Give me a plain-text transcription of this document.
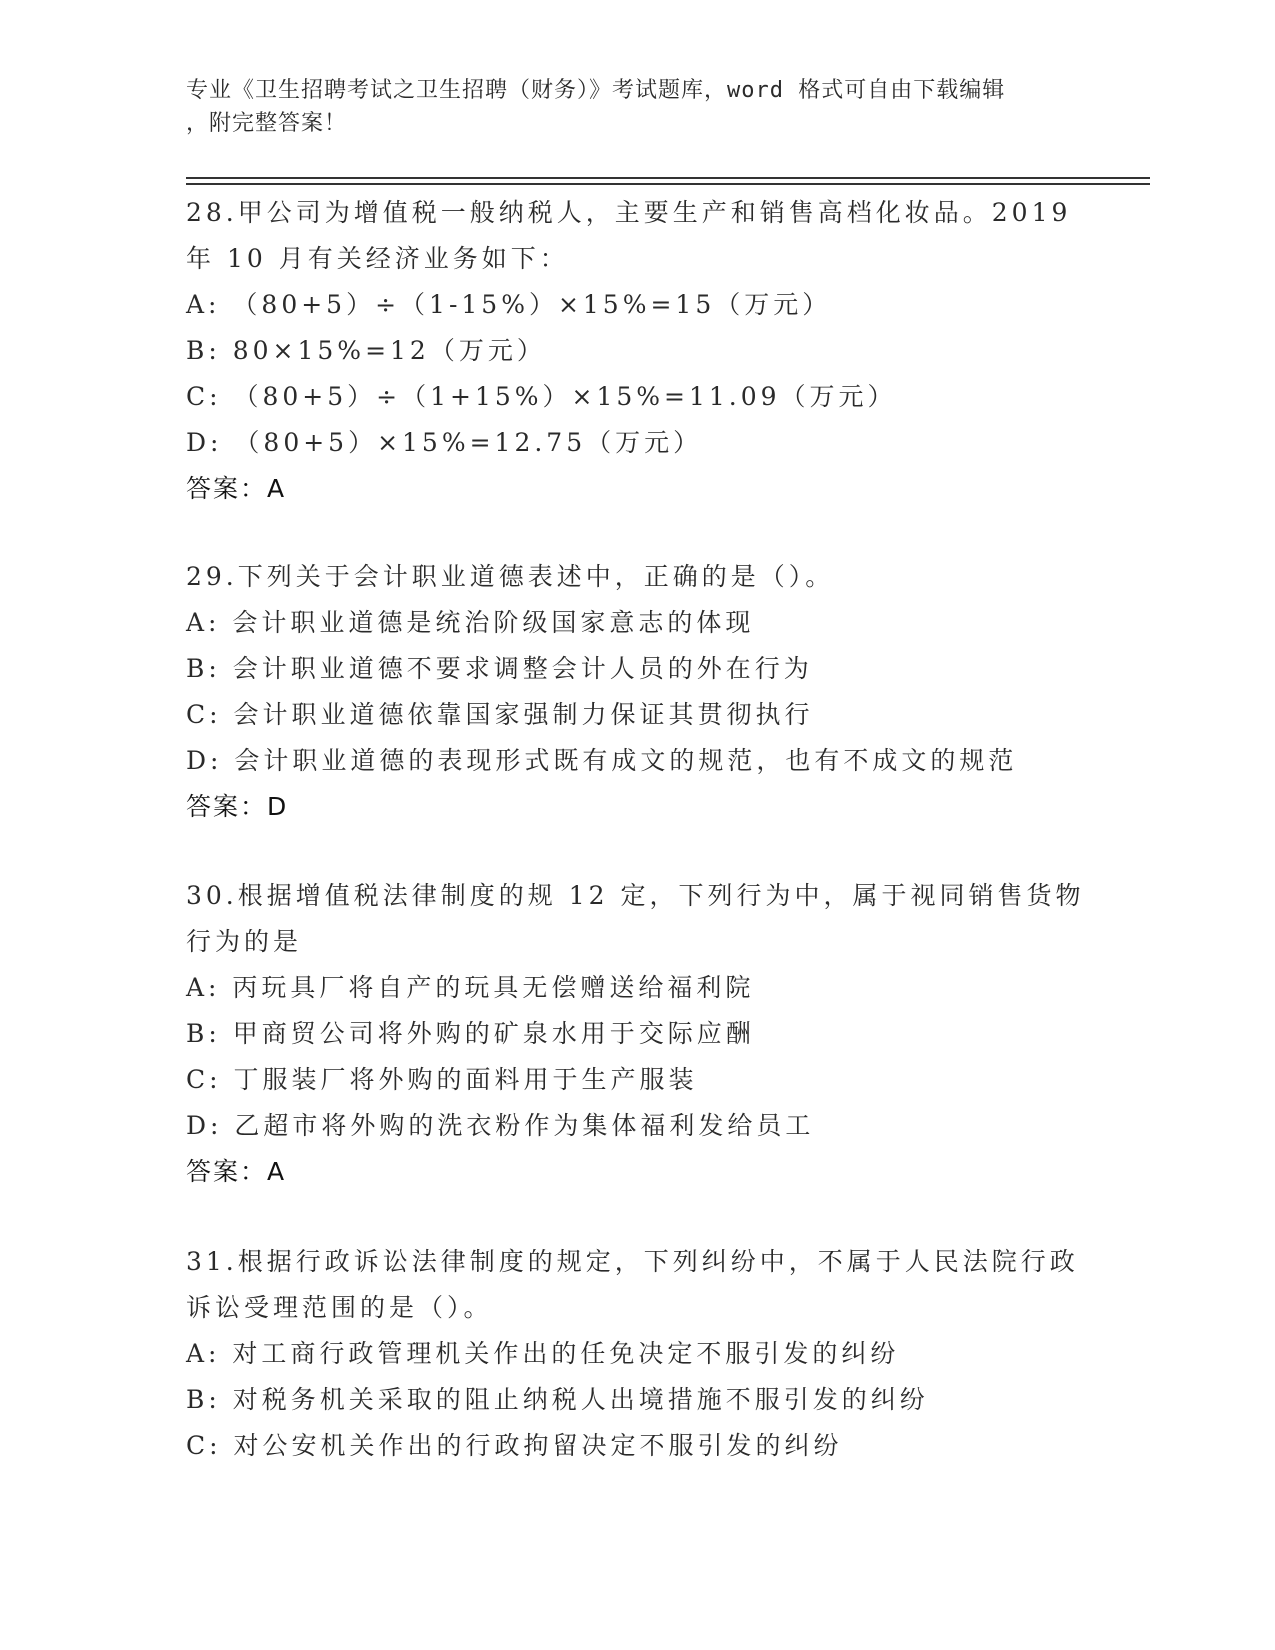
专业《卫生招聘考试之卫生招聘（财务）》考试题库，word 格式可自由下载编辑
，附完整答案！
28.甲公司为增值税一般纳税人，主要生产和销售高档化妆品。2019
年 10 月有关经济业务如下：
A: （80+5）÷（1-15%）×15%=15（万元）
B: 80×15%=12（万元）
C: （80+5）÷（1+15%）×15%=11.09（万元）
D: （80+5）×15%=12.75（万元）
答案：A
29.下列关于会计职业道德表述中，正确的是（）。
A: 会计职业道德是统治阶级国家意志的体现
B: 会计职业道德不要求调整会计人员的外在行为
C: 会计职业道德依靠国家强制力保证其贯彻执行
D: 会计职业道德的表现形式既有成文的规范，也有不成文的规范
答案：D
30.根据增值税法律制度的规 12 定，下列行为中，属于视同销售货物
行为的是
A: 丙玩具厂将自产的玩具无偿赠送给福利院
B: 甲商贸公司将外购的矿泉水用于交际应酬
C: 丁服装厂将外购的面料用于生产服装
D: 乙超市将外购的洗衣粉作为集体福利发给员工
答案：A
31.根据行政诉讼法律制度的规定，下列纠纷中，不属于人民法院行政
诉讼受理范围的是（）。
A: 对工商行政管理机关作出的任免决定不服引发的纠纷
B: 对税务机关采取的阻止纳税人出境措施不服引发的纠纷
C: 对公安机关作出的行政拘留决定不服引发的纠纷
